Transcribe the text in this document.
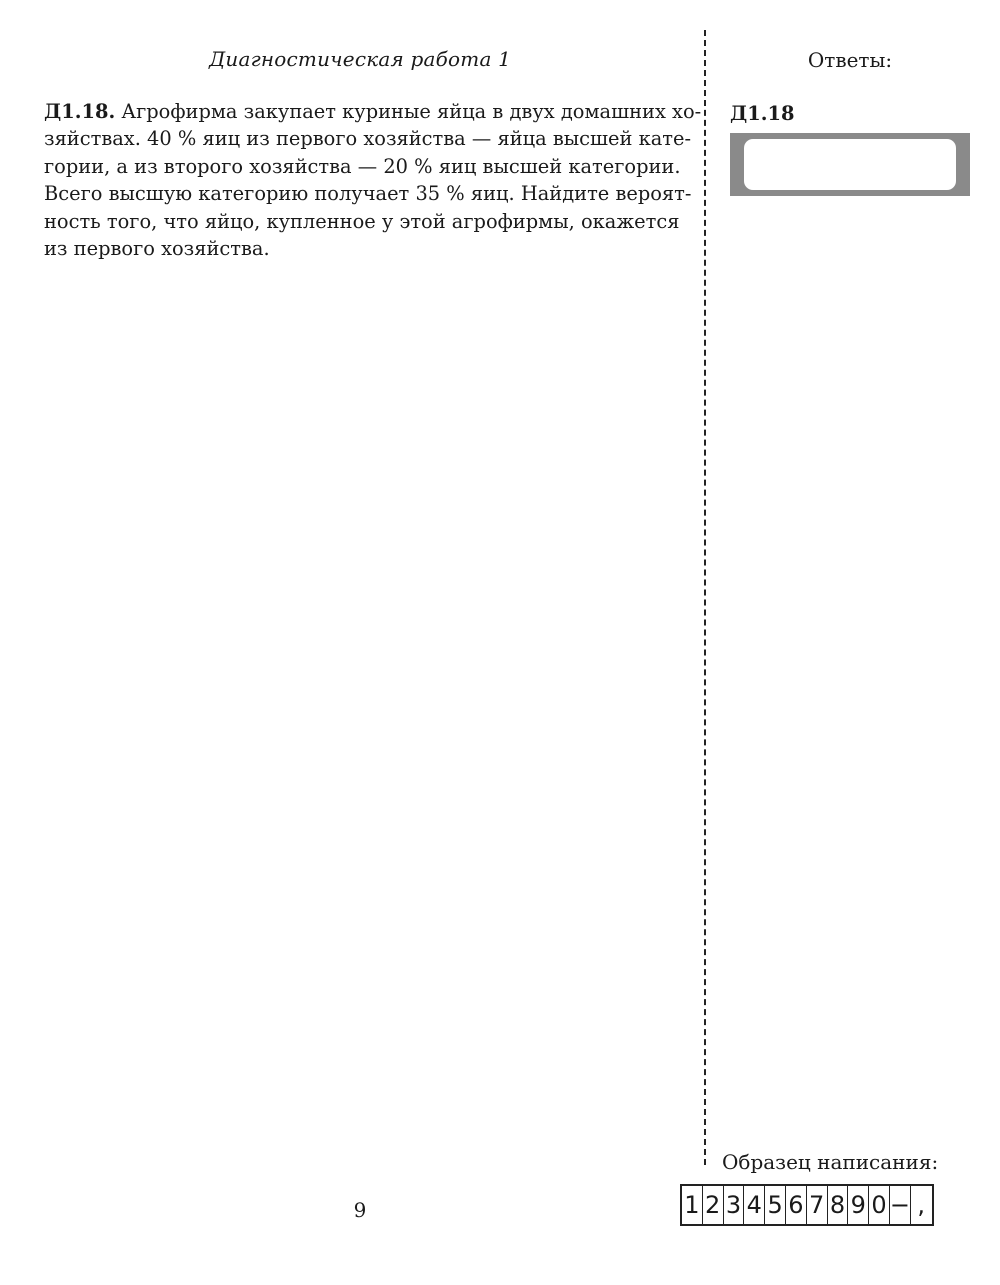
Диагностическая работа 1
Д1.18. Агрофирма закупает куриные яйца в двух домашних хо-
зяйствах. 40 % яиц из первого хозяйства — яйца высшей кате-
гории, а из второго хозяйства — 20 % яиц высшей категории.
Всего высшую категорию получает 35 % яиц. Найдите вероят-
ность того, что яйцо, купленное у этой агрофирмы, окажется
из первого хозяйства.
Ответы:
Д1.18
Образец написания:
1 2 3 4 5 6 7 8 9 0 − ,
9
